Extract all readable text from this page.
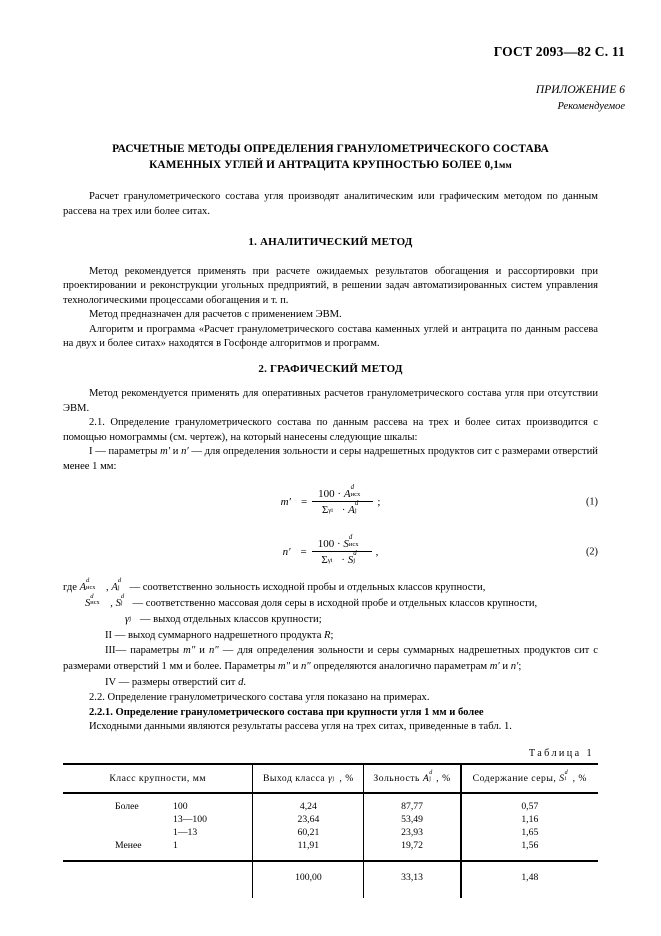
ГОСТ 2093—82 С. 11
ПРИЛОЖЕНИЕ 6
Рекомендуемое
РАСЧЕТНЫЕ МЕТОДЫ ОПРЕДЕЛЕНИЯ ГРАНУЛОМЕТРИЧЕСКОГО СОСТАВА
КАМЕННЫХ УГЛЕЙ И АНТРАЦИТА КРУПНОСТЬЮ БОЛЕЕ 0,1мм

Расчет гранулометрического состава угля производят аналитическим или графическим методом по данным рассева на трех или более ситах.

1. АНАЛИТИЧЕСКИЙ МЕТОД

Метод рекомендуется применять при расчете ожидаемых результатов обогащения и рассортировки при проектировании и реконструкции угольных предприятий, в решении задач автоматизированных систем управления технологическими процессами обогащения и т. п.

Метод предназначен для расчетов с применением ЭВМ.

Алгоритм и программа «Расчет гранулометрического состава каменных углей и антрацита по данным рассева на двух и более ситах» находятся в Госфонде алгоритмов и программ.

2. ГРАФИЧЕСКИЙ МЕТОД

Метод рекомендуется применять для оперативных расчетов гранулометрического состава угля при отсутствии ЭВМ.

2.1. Определение гранулометрического состава по данным рассева на трех и более ситах производится с помощью номограммы (см. чертеж), на который нанесены следующие шкалы:

I — параметры m′ и n′ — для определения зольности и серы надрешетных продуктов сит с размерами отверстий менее 1 мм:

m′ = 100 · A
d
исх

Σ γi · A
d
j
;	(1)
n′ = 100 · S
d
исх

Σ γi · S
d
j
,	(2)
где A
d
исх , A
d
j — соответственно зольность исходной пробы и отдельных классов крупности,
S
d
исх , S
d
j — соответственно массовая доля серы в исходной пробе и отдельных классов крупности,
γ j — выход отдельных классов крупности;
II — выход суммарного надрешетного продукта R;
III— параметры m″ и n″ — для определения зольности и серы суммарных надрешетных продуктов сит с размерами отверстий 1 мм и более. Параметры m″ и n″ определяются аналогично параметрам m′ и n′;
IV — размеры отверстий сит d.

2.2. Определение гранулометрического состава угля показано на примерах.

2.2.1. Определение гранулометрического состава при крупности угля 1 мм и более

Исходными данными являются результаты рассева угля на трех ситах, приведенные в табл. 1.

Таблица 1
Класс крупности, мм	Выход класса γ j , %	Зольность A
d
j , %	Содержание серы, S
d
i , %
Более 100	4,24	87,77	0,57
13—100	23,64	53,49	1,16
1—13	60,21	23,93	1,65
Менее 1	11,91	19,72	1,56
	100,00	33,13	1,48
